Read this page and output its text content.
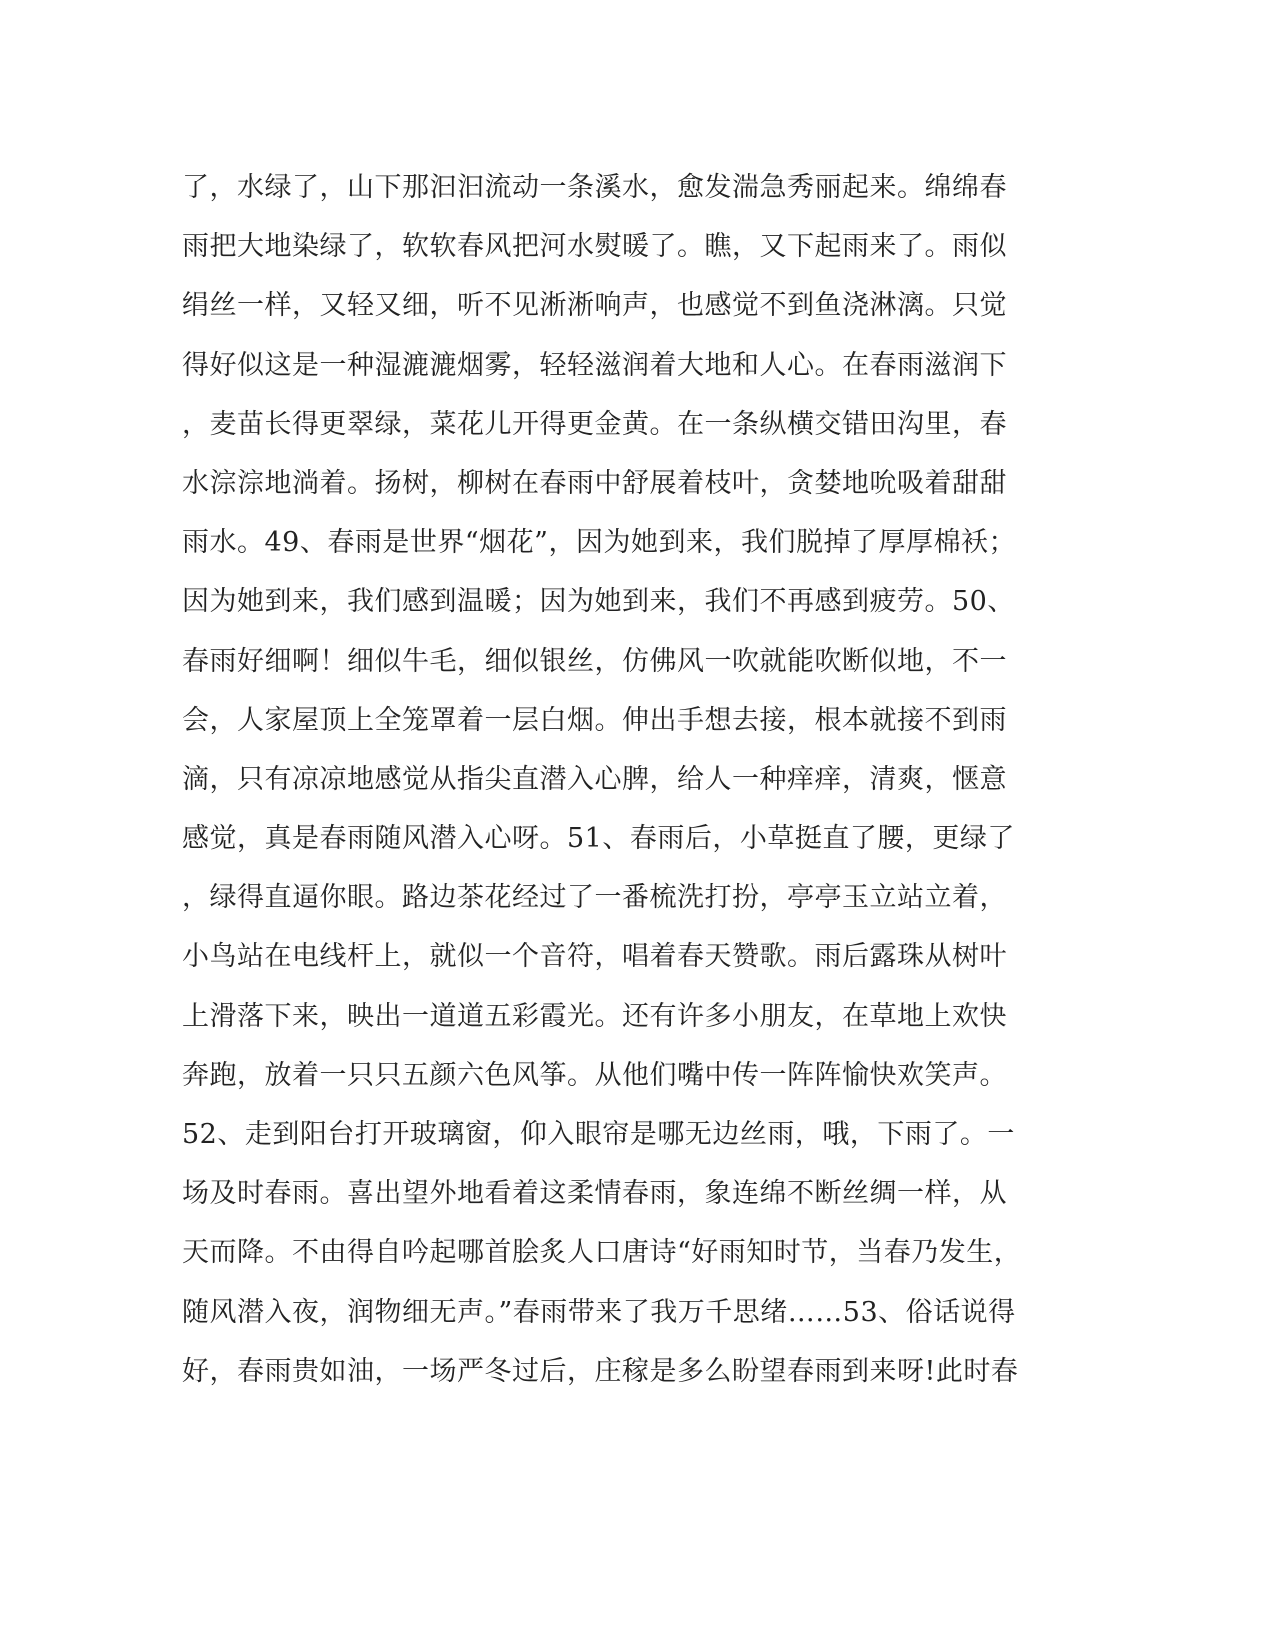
了，水绿了，山下那汩汩流动一条溪水，愈发湍急秀丽起来。绵绵春
雨把大地染绿了，软软春风把河水熨暖了。瞧，又下起雨来了。雨似
绢丝一样，又轻又细，听不见淅淅响声，也感觉不到鱼浇淋漓。只觉
得好似这是一种湿漉漉烟雾，轻轻滋润着大地和人心。在春雨滋润下
，麦苗长得更翠绿，菜花儿开得更金黄。在一条纵横交错田沟里，春
水淙淙地淌着。扬树，柳树在春雨中舒展着枝叶，贪婪地吮吸着甜甜
雨水。49、春雨是世界“烟花”，因为她到来，我们脱掉了厚厚棉袄；
因为她到来，我们感到温暖；因为她到来，我们不再感到疲劳。50、
春雨好细啊！细似牛毛，细似银丝，仿佛风一吹就能吹断似地，不一
会，人家屋顶上全笼罩着一层白烟。伸出手想去接，根本就接不到雨
滴，只有凉凉地感觉从指尖直潜入心脾，给人一种痒痒，清爽，惬意
感觉，真是春雨随风潜入心呀。51、春雨后，小草挺直了腰，更绿了
，绿得直逼你眼。路边茶花经过了一番梳洗打扮，亭亭玉立站立着，
小鸟站在电线杆上，就似一个音符，唱着春天赞歌。雨后露珠从树叶
上滑落下来，映出一道道五彩霞光。还有许多小朋友，在草地上欢快
奔跑，放着一只只五颜六色风筝。从他们嘴中传一阵阵愉快欢笑声。
52、走到阳台打开玻璃窗，仰入眼帘是哪无边丝雨，哦，下雨了。一
场及时春雨。喜出望外地看着这柔情春雨，象连绵不断丝绸一样，从
天而降。不由得自吟起哪首脍炙人口唐诗“好雨知时节，当春乃发生，
随风潜入夜，润物细无声。”春雨带来了我万千思绪……53、俗话说得
好，春雨贵如油，一场严冬过后，庄稼是多么盼望春雨到来呀!此时春
